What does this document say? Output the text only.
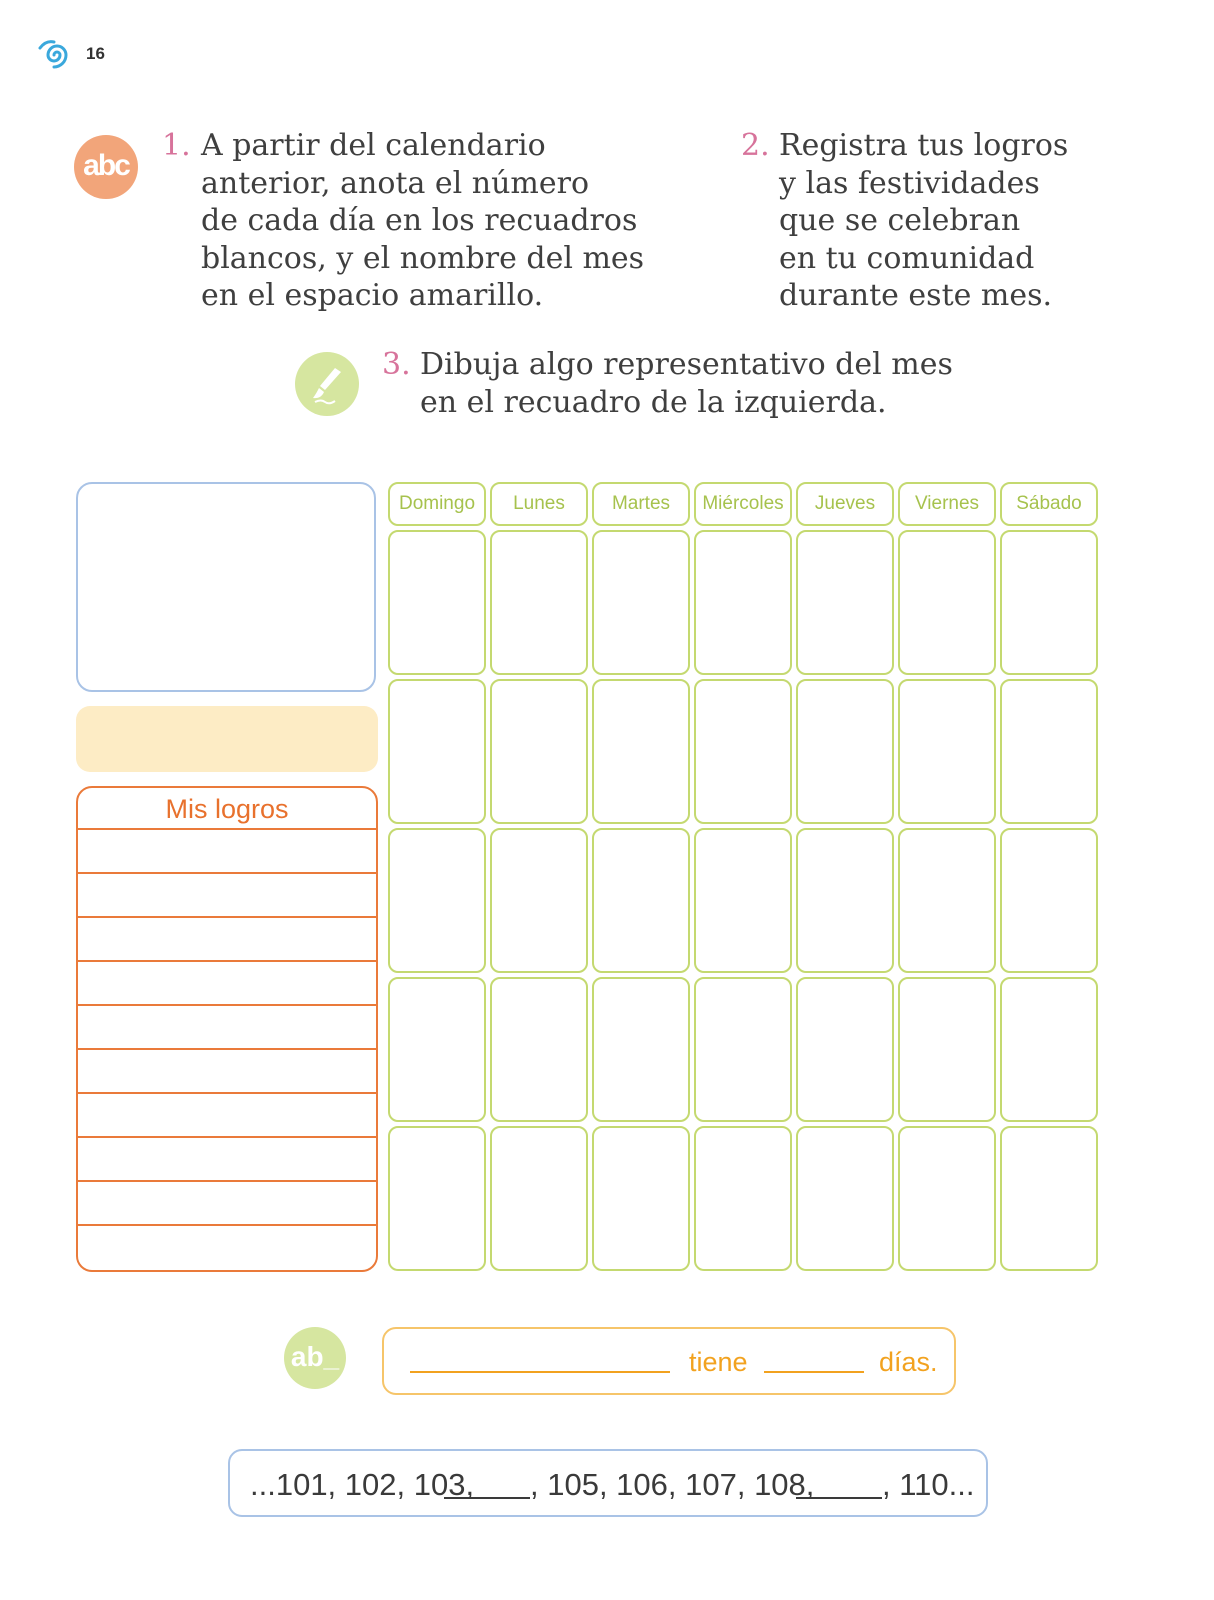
16
abc
1. A partir del calendario
anterior, anota el número
de cada día en los recuadros
blancos, y el nombre del mes
en el espacio amarillo.
2. Registra tus logros
y las festividades
que se celebran
en tu comunidad
durante este mes.
3. Dibuja algo representativo del mes
en el recuadro de la izquierda.
Mis logros
Domingo	Lunes	Martes	Miércoles	Jueves	Viernes	Sábado
ab_	tiene	días.
...101, 102, 103, , 105, 106, 107, 108, , 110...
